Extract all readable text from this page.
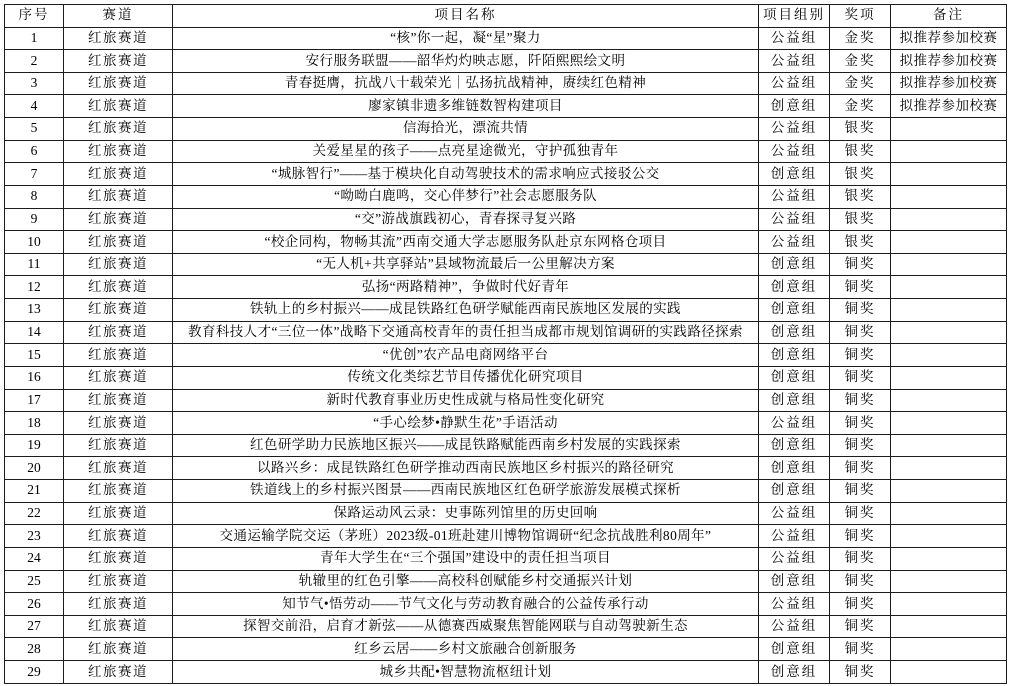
序号	赛道	项目名称	项目组别	奖项	备注
1	红旅赛道	“核”你一起，凝“星”聚力	公益组	金奖	拟推荐参加校赛
2	红旅赛道	安行服务联盟——韶华灼灼映志愿，阡陌熙熙绘文明	公益组	金奖	拟推荐参加校赛
3	红旅赛道	青春挺膺，抗战八十载荣光｜弘扬抗战精神，赓续红色精神	公益组	金奖	拟推荐参加校赛
4	红旅赛道	廖家镇非遗多维链数智构建项目	创意组	金奖	拟推荐参加校赛
5	红旅赛道	信海拾光，漂流共情	公益组	银奖	
6	红旅赛道	关爱星星的孩子——点亮星途微光，守护孤独青年	公益组	银奖	
7	红旅赛道	“城脉智行”——基于模块化自动驾驶技术的需求响应式接驳公交	创意组	银奖	
8	红旅赛道	“呦呦白鹿鸣，交心伴梦行”社会志愿服务队	公益组	银奖	
9	红旅赛道	“交”游战旗践初心，青春探寻复兴路	公益组	银奖	
10	红旅赛道	“校企同构，物畅其流”西南交通大学志愿服务队赴京东网格仓项目	公益组	银奖	
11	红旅赛道	“无人机+共享驿站”县域物流最后一公里解决方案	创意组	铜奖	
12	红旅赛道	弘扬“两路精神”，争做时代好青年	创意组	铜奖	
13	红旅赛道	铁轨上的乡村振兴——成昆铁路红色研学赋能西南民族地区发展的实践	创意组	铜奖	
14	红旅赛道	教育科技人才“三位一体”战略下交通高校青年的责任担当成都市规划馆调研的实践路径探索	创意组	铜奖	
15	红旅赛道	“优创”农产品电商网络平台	创意组	铜奖	
16	红旅赛道	传统文化类综艺节目传播优化研究项目	创意组	铜奖	
17	红旅赛道	新时代教育事业历史性成就与格局性变化研究	创意组	铜奖	
18	红旅赛道	“手心绘梦•静默生花”手语活动	公益组	铜奖	
19	红旅赛道	红色研学助力民族地区振兴——成昆铁路赋能西南乡村发展的实践探索	创意组	铜奖	
20	红旅赛道	以路兴乡：成昆铁路红色研学推动西南民族地区乡村振兴的路径研究	创意组	铜奖	
21	红旅赛道	铁道线上的乡村振兴图景——西南民族地区红色研学旅游发展模式探析	创意组	铜奖	
22	红旅赛道	保路运动风云录：史事陈列馆里的历史回响	公益组	铜奖	
23	红旅赛道	交通运输学院交运（茅班）2023级-01班赴建川博物馆调研“纪念抗战胜利80周年”	公益组	铜奖	
24	红旅赛道	青年大学生在“三个强国”建设中的责任担当项目	公益组	铜奖	
25	红旅赛道	轨辙里的红色引擎——高校科创赋能乡村交通振兴计划	创意组	铜奖	
26	红旅赛道	知节气•悟劳动——节气文化与劳动教育融合的公益传承行动	公益组	铜奖	
27	红旅赛道	探智交前沿，启育才新弦——从德赛西威聚焦智能网联与自动驾驶新生态	公益组	铜奖	
28	红旅赛道	红乡云居——乡村文旅融合创新服务	创意组	铜奖	
29	红旅赛道	城乡共配•智慧物流枢纽计划	创意组	铜奖	
